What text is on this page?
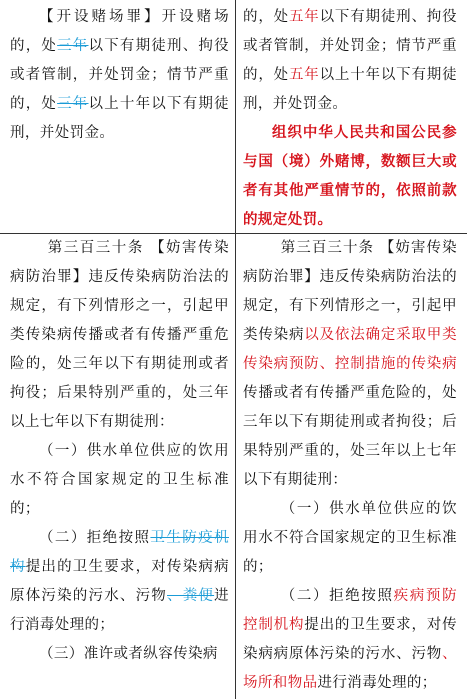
【开设赌场罪】开设赌场的，处三年以下有期徒刑、拘役或者管制，并处罚金；情节严重的，处三年以上十年以下有期徒刑，并处罚金。

的，处五年以下有期徒刑、拘役或者管制，并处罚金；情节严重的，处五年以上十年以下有期徒刑，并处罚金。

组织中华人民共和国公民参与国（境）外赌博，数额巨大或者有其他严重情节的，依照前款的规定处罚。

第三百三十条 【妨害传染病防治罪】违反传染病防治法的规定，有下列情形之一，引起甲类传染病传播或者有传播严重危险的，处三年以下有期徒刑或者拘役；后果特别严重的，处三年以上七年以下有期徒刑：

（一）供水单位供应的饮用水不符合国家规定的卫生标准的；

（二）拒绝按照卫生防疫机构提出的卫生要求，对传染病病原体污染的污水、污物、粪便进行消毒处理的；

（三）准许或者纵容传染病

第三百三十条 【妨害传染病防治罪】违反传染病防治法的规定，有下列情形之一，引起甲类传染病以及依法确定采取甲类传染病预防、控制措施的传染病传播或者有传播严重危险的，处三年以下有期徒刑或者拘役；后果特别严重的，处三年以上七年以下有期徒刑：

（一）供水单位供应的饮用水不符合国家规定的卫生标准的；

（二）拒绝按照疾病预防控制机构提出的卫生要求，对传染病病原体污染的污水、污物、场所和物品进行消毒处理的；
